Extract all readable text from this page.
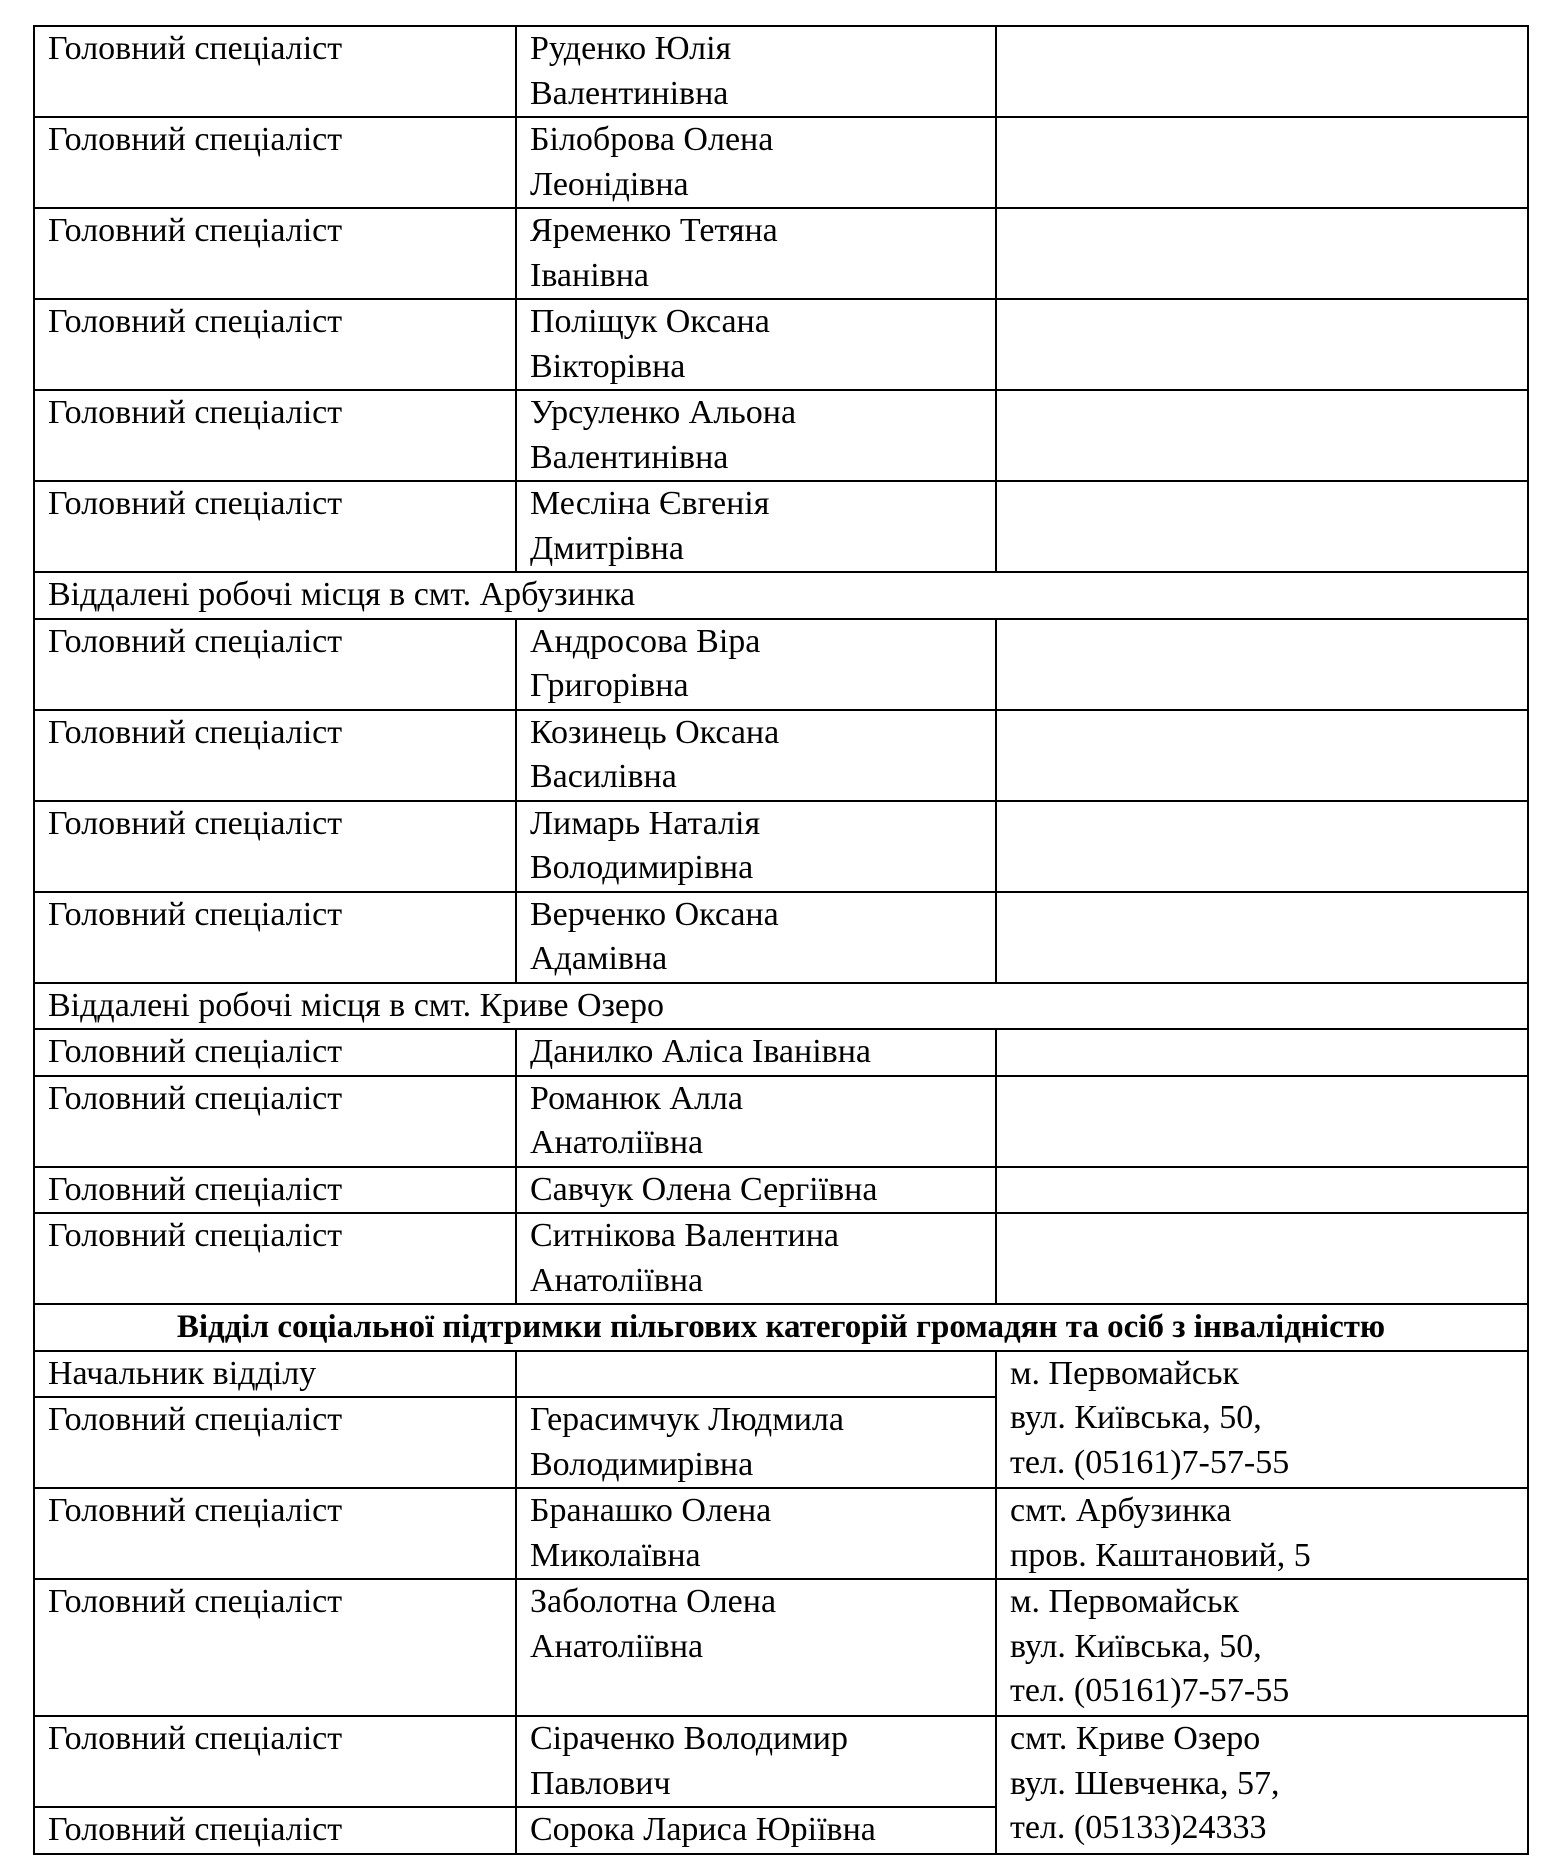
Головний спеціаліст	Руденко Юлія
Валентинівна	
Головний спеціаліст	Білоброва Олена
Леонідівна	
Головний спеціаліст	Яременко Тетяна
Іванівна	
Головний спеціаліст	Поліщук Оксана
Вікторівна	
Головний спеціаліст	Урсуленко Альона
Валентинівна	
Головний спеціаліст	Месліна Євгенія
Дмитрівна	
Віддалені робочі місця в смт. Арбузинка		
Головний спеціаліст	Андросова Віра
Григорівна	
Головний спеціаліст	Козинець Оксана
Василівна	
Головний спеціаліст	Лимарь Наталія
Володимирівна	
Головний спеціаліст	Верченко Оксана
Адамівна	
Віддалені робочі місця в смт. Криве Озеро		
Головний спеціаліст	Данилко Аліса Іванівна	
Головний спеціаліст	Романюк Алла
Анатоліївна	
Головний спеціаліст	Савчук Олена Сергіївна	
Головний спеціаліст	Ситнікова Валентина
Анатоліївна	
Відділ соціальної підтримки пільгових категорій громадян та осіб з інвалідністю		
Начальник відділу		м. Первомайськ
вул. Київська, 50,
тел. (05161)7-57-55
Головний спеціаліст	Герасимчук Людмила
Володимирівна	
Головний спеціаліст	Бранашко Олена
Миколаївна	смт. Арбузинка
пров. Каштановий, 5
Головний спеціаліст	Заболотна Олена
Анатоліївна	м. Первомайськ
вул. Київська, 50,
тел. (05161)7-57-55
Головний спеціаліст	Сіраченко Володимир
Павлович	смт. Криве Озеро
вул. Шевченка, 57,
тел. (05133)24333
Головний спеціаліст	Сорока Лариса Юріївна	
